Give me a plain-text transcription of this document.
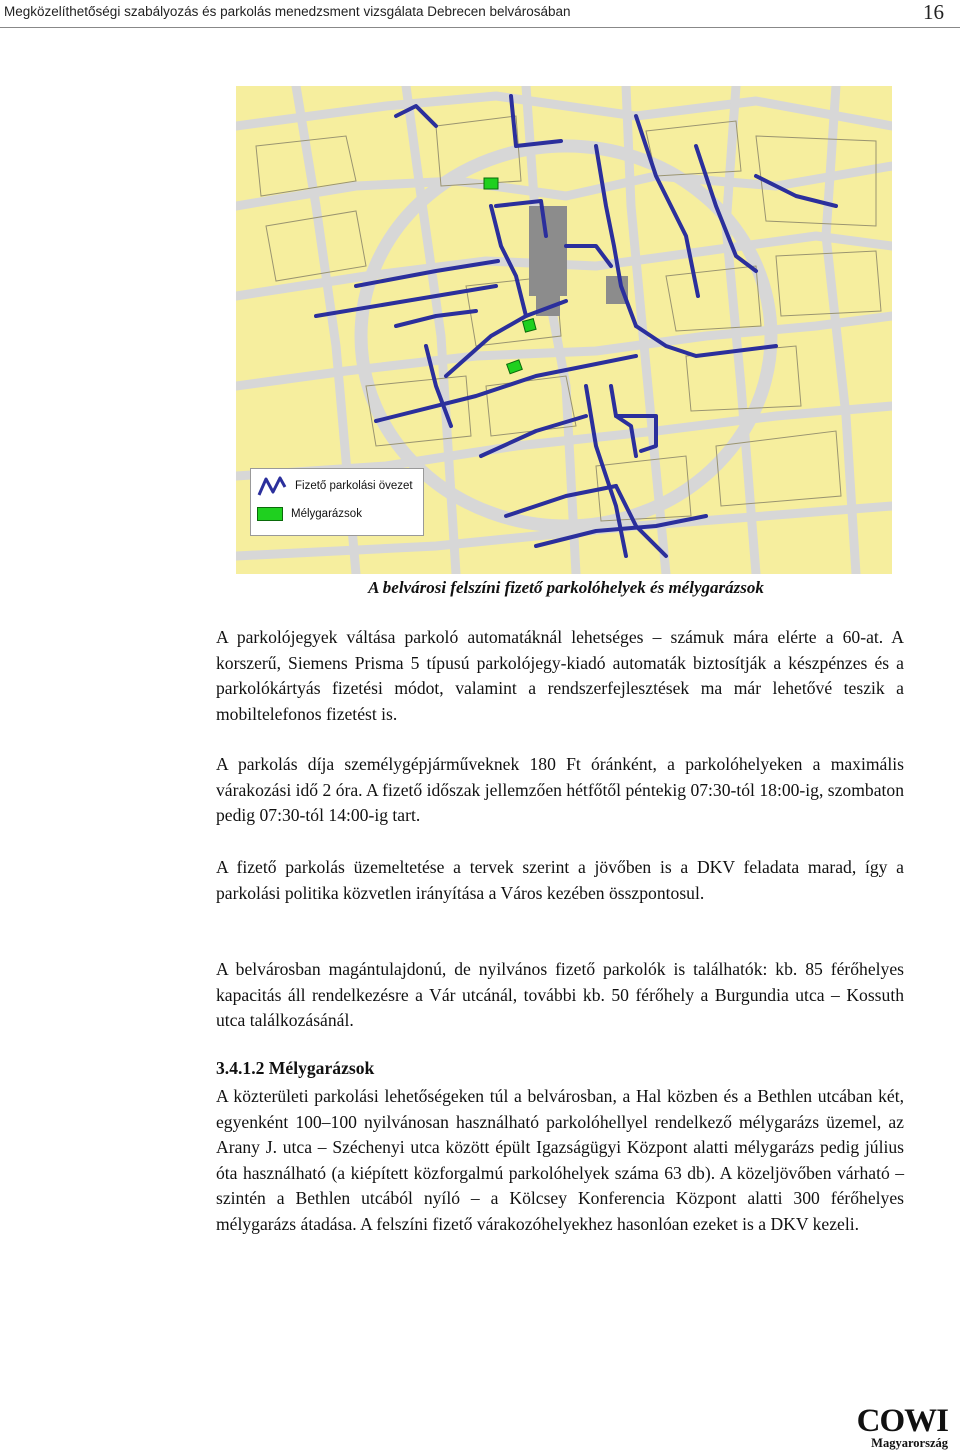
Megközelíthetőségi szabályozás és parkolás menedzsment vizsgálata Debrecen belvárosában	16
Fizető parkolási övezet
Mélygarázsok
A belvárosi felszíni fizető parkolóhelyek és mélygarázsok

A parkolójegyek váltása parkoló automatáknál lehetséges – számuk mára elérte a 60-at. A korszerű, Siemens Prisma 5 típusú parkolójegy-kiadó automaták biztosítják a készpénzes és a parkolókártyás fizetési módot, valamint a rendszerfejlesztések ma már lehetővé teszik a mobiltelefonos fizetést is.

A parkolás díja személygépjárműveknek 180 Ft óránként, a parkolóhelyeken a maximális várakozási idő 2 óra. A fizető időszak jellemzően hétfőtől péntekig 07:30-tól 18:00-ig, szombaton pedig 07:30-tól 14:00-ig tart.

A fizető parkolás üzemeltetése a tervek szerint a jövőben is a DKV feladata marad, így a parkolási politika közvetlen irányítása a Város kezében összpontosul.

A belvárosban magántulajdonú, de nyilvános fizető parkolók is találhatók: kb. 85 férőhelyes kapacitás áll rendelkezésre a Vár utcánál, további kb. 50 férőhely a Burgundia utca – Kossuth utca találkozásánál.

3.4.1.2 Mélygarázsok

A közterületi parkolási lehetőségeken túl a belvárosban, a Hal közben és a Bethlen utcában két, egyenként 100–100 nyilvánosan használható parkolóhellyel rendelkező mélygarázs üzemel, az Arany J. utca – Széchenyi utca között épült Igazságügyi Központ alatti mélygarázs pedig július óta használható (a kiépített közforgalmú parkolóhelyek száma 63 db). A közeljövőben várható – szintén a Bethlen utcából nyíló – a Kölcsey Konferencia Központ alatti 300 férőhelyes mélygarázs átadása. A felszíni fizető várakozóhelyekhez hasonlóan ezeket is a DKV kezeli.

COWI
Magyarország
